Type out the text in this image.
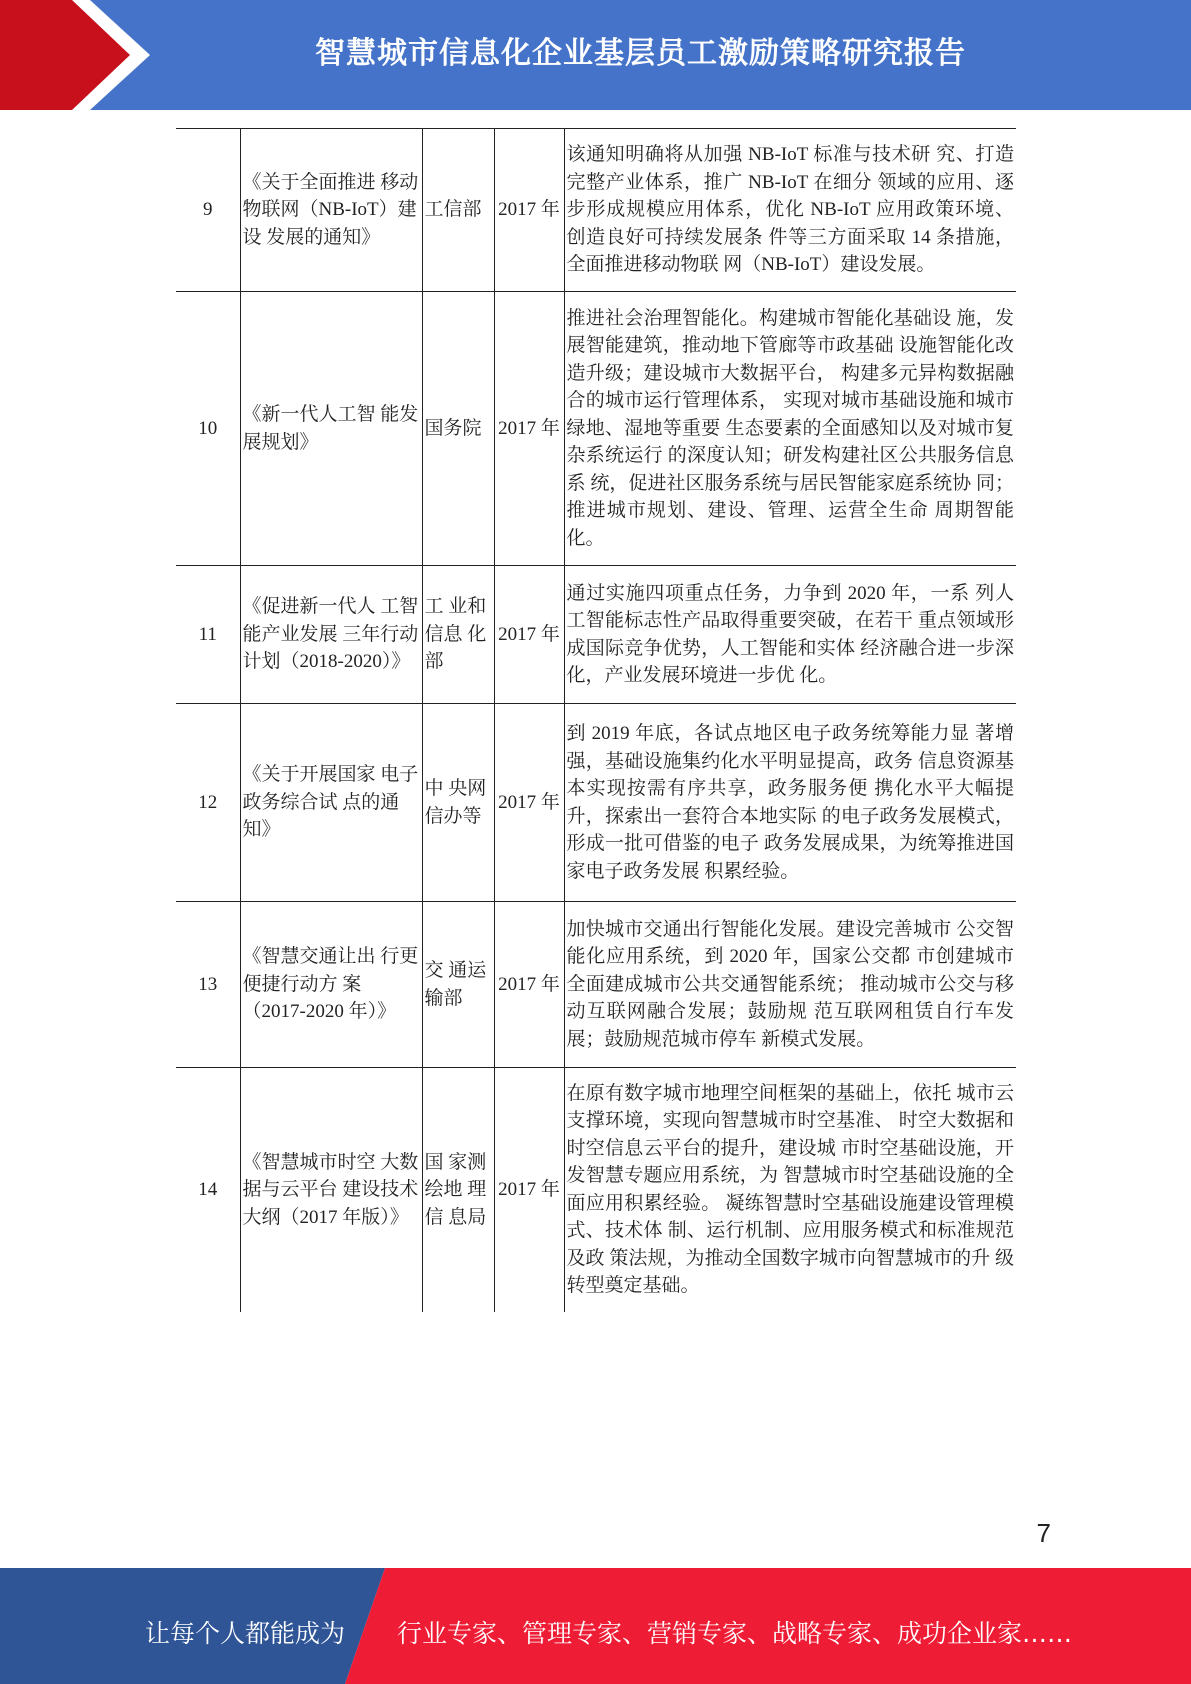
智慧城市信息化企业基层员工激励策略研究报告
9	《关于全面推进 移动物联网（NB-IoT）建设 发展的通知》	工信部	2017 年	该通知明确将从加强 NB-IoT 标准与技术研 究、打造完整产业体系，推广 NB-IoT 在细分 领域的应用、逐步形成规模应用体系，优化 NB-IoT 应用政策环境、创造良好可持续发展条 件等三方面采取 14 条措施，全面推进移动物联 网（NB-IoT）建设发展。
10	《新一代人工智 能发展规划》	国务院	2017 年	推进社会治理智能化。构建城市智能化基础设 施，发展智能建筑，推动地下管廊等市政基础 设施智能化改造升级；建设城市大数据平台， 构建多元异构数据融合的城市运行管理体系， 实现对城市基础设施和城市绿地、湿地等重要 生态要素的全面感知以及对城市复杂系统运行 的深度认知；研发构建社区公共服务信息系 统，促进社区服务系统与居民智能家庭系统协 同；推进城市规划、建设、管理、运营全生命 周期智能化。
11	《促进新一代人 工智能产业发展 三年行动计划（2018-2020）》	工 业和 信息 化部	2017 年	通过实施四项重点任务，力争到 2020 年，一系 列人工智能标志性产品取得重要突破，在若干 重点领域形成国际竞争优势，人工智能和实体 经济融合进一步深化，产业发展环境进一步优 化。
12	《关于开展国家 电子政务综合试 点的通知》	中 央网 信办等	2017 年	到 2019 年底，各试点地区电子政务统筹能力显 著增强，基础设施集约化水平明显提高，政务 信息资源基本实现按需有序共享，政务服务便 携化水平大幅提升，探索出一套符合本地实际 的电子政务发展模式，形成一批可借鉴的电子 政务发展成果，为统筹推进国家电子政务发展 积累经验。
13	《智慧交通让出 行更便捷行动方 案（2017-2020 年）》	交 通运 输部	2017 年	加快城市交通出行智能化发展。建设完善城市 公交智能化应用系统，到 2020 年，国家公交都 市创建城市全面建成城市公共交通智能系统； 推动城市公交与移动互联网融合发展；鼓励规 范互联网租赁自行车发展；鼓励规范城市停车 新模式发展。
14	《智慧城市时空 大数据与云平台 建设技术大纲（2017 年版）》	国 家测 绘地 理信 息局	2017 年	在原有数字城市地理空间框架的基础上，依托 城市云支撑环境，实现向智慧城市时空基准、 时空大数据和时空信息云平台的提升，建设城 市时空基础设施，开发智慧专题应用系统，为 智慧城市时空基础设施的全面应用积累经验。 凝练智慧时空基础设施建设管理模式、技术体 制、运行机制、应用服务模式和标准规范及政 策法规，为推动全国数字城市向智慧城市的升 级转型奠定基础。
7
让每个人都能成为 行业专家、管理专家、营销专家、战略专家、成功企业家……
